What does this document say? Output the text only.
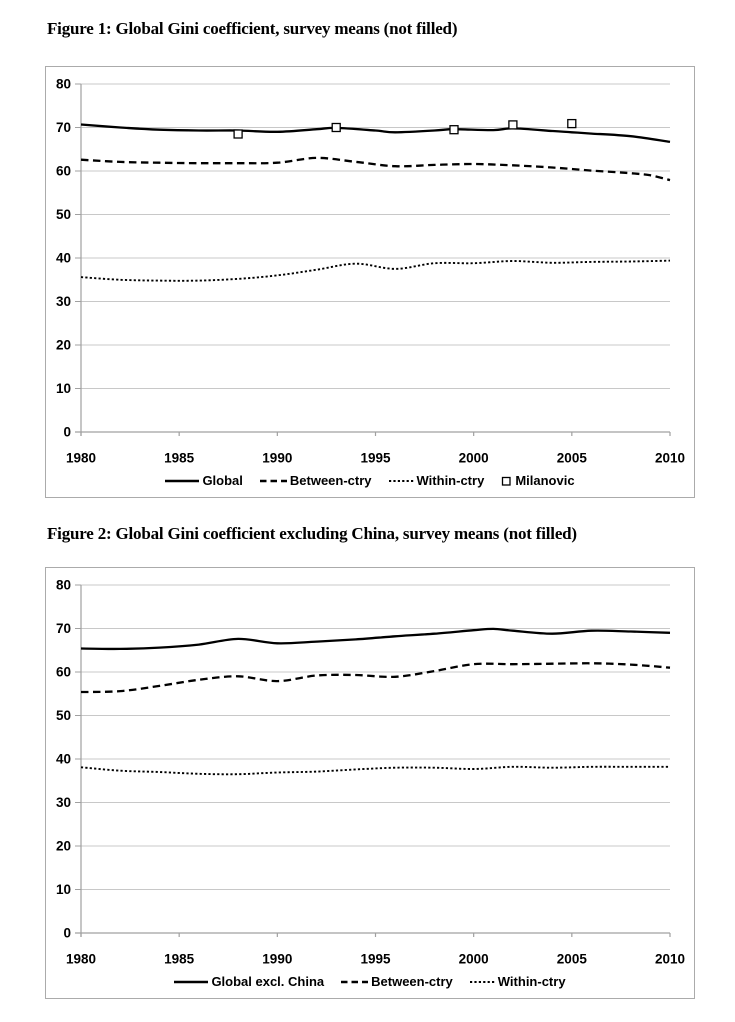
Figure 1: Global Gini coefficient, survey means (not filled)
0
10
20
30
40
50
60
70
80
1980	1985	1990	1995	2000	2005	2010
Global	Between-ctry	Within-ctry Milanovic
Figure 2: Global Gini coefficient excluding China, survey means (not filled)
0
10
20
30
40
50
60
70
80
1980	1985	1990	1995	2000	2005	2010
Global excl. China	Between-ctry	Within-ctry
